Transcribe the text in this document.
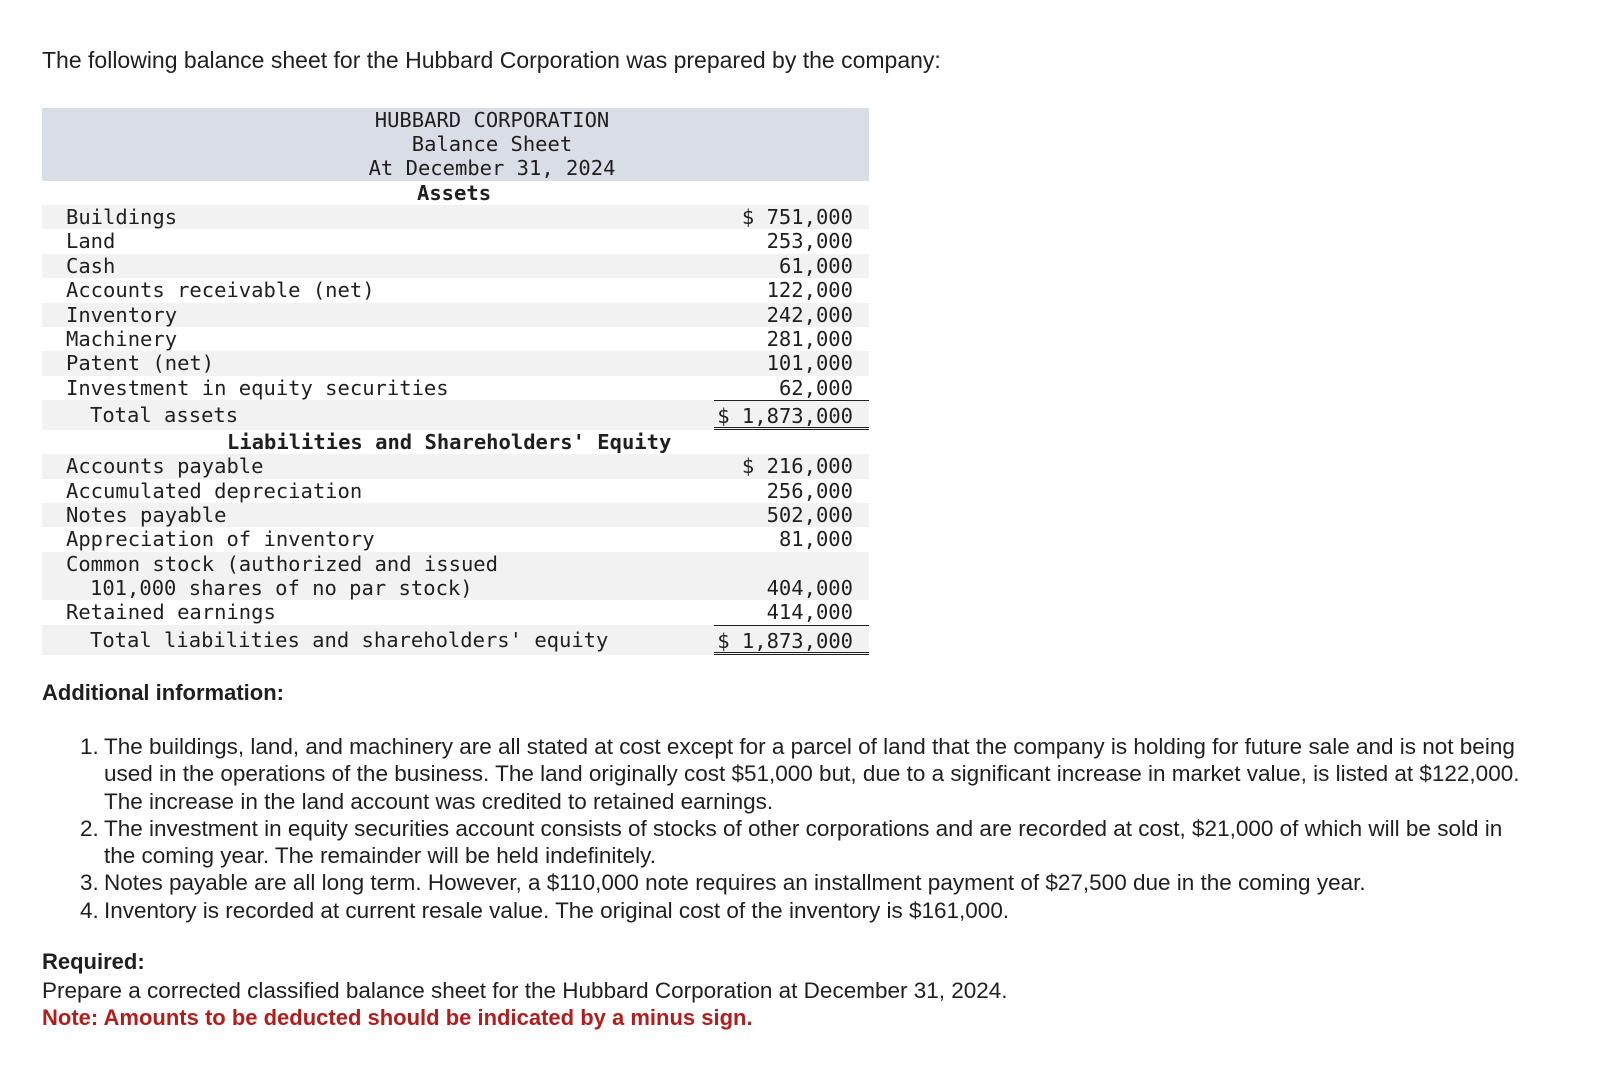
The following balance sheet for the Hubbard Corporation was prepared by the company:
HUBBARD CORPORATION
Balance Sheet
At December 31, 2024
Assets
Buildings	$ 751,000
Land	253,000
Cash	61,000
Accounts receivable (net)	122,000
Inventory	242,000
Machinery	281,000
Patent (net)	101,000
Investment in equity securities	62,000
Total assets	$ 1,873,000
Liabilities and Shareholders' Equity
Accounts payable	$ 216,000
Accumulated depreciation	256,000
Notes payable	502,000
Appreciation of inventory	81,000
Common stock (authorized and issued
101,000 shares of no par stock)	404,000
Retained earnings	414,000
Total liabilities and shareholders' equity	$ 1,873,000
Additional information:
1. The buildings, land, and machinery are all stated at cost except for a parcel of land that the company is holding for future sale and is not being used in the operations of the business. The land originally cost $51,000 but, due to a significant increase in market value, is listed at $122,000. The increase in the land account was credited to retained earnings.
2. The investment in equity securities account consists of stocks of other corporations and are recorded at cost, $21,000 of which will be sold in the coming year. The remainder will be held indefinitely.
3. Notes payable are all long term. However, a $110,000 note requires an installment payment of $27,500 due in the coming year.
4. Inventory is recorded at current resale value. The original cost of the inventory is $161,000.
Required:
Prepare a corrected classified balance sheet for the Hubbard Corporation at December 31, 2024.
Note: Amounts to be deducted should be indicated by a minus sign.
